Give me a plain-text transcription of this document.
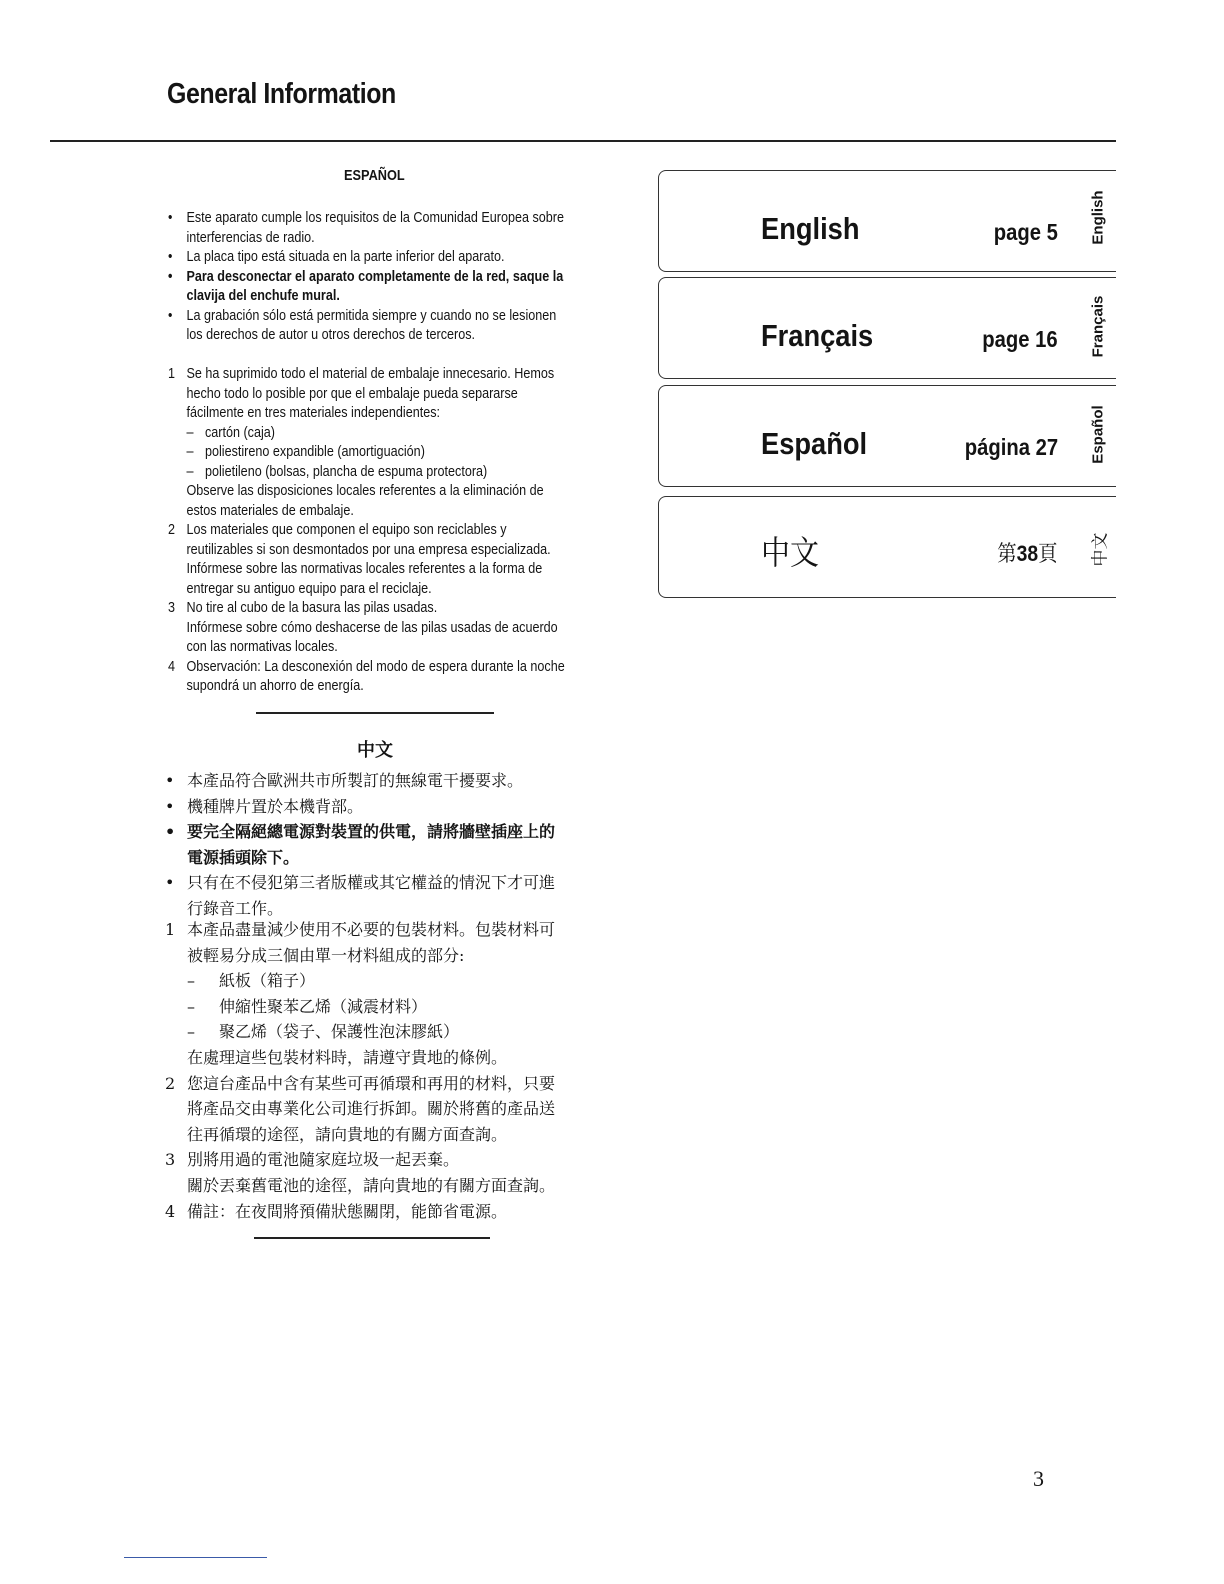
General Information
ESPAÑOL
• Este aparato cumple los requisitos de la Comunidad Europea sobre interferencias de radio.
• La placa tipo está situada en la parte inferior del aparato.
• Para desconectar el aparato completamente de la red, saque la clavija del enchufe mural.
• La grabación sólo está permitida siempre y cuando no se lesionen los derechos de autor u otros derechos de terceros.
1 Se ha suprimido todo el material de embalaje innecesario. Hemos hecho todo lo posible por que el embalaje pueda separarse fácilmente en tres materiales independientes:
– cartón (caja)
– poliestireno expandible (amortiguación)
– polietileno (bolsas, plancha de espuma protectora)
Observe las disposiciones locales referentes a la eliminación de estos materiales de embalaje.
2 Los materiales que componen el equipo son reciclables y reutilizables si son desmontados por una empresa especializada.
Infórmese sobre las normativas locales referentes a la forma de entregar su antiguo equipo para el reciclaje.
3 No tire al cubo de la basura las pilas usadas.
Infórmese sobre cómo deshacerse de las pilas usadas de acuerdo con las normativas locales.
4 Observación: La desconexión del modo de espera durante la noche supondrá un ahorro de energía.
中文
• 本產品符合歐洲共市所製訂的無線電干擾要求。
• 機種牌片置於本機背部。
• 要完全隔絕總電源對裝置的供電，請將牆壁插座上的電源插頭除下。
• 只有在不侵犯第三者版權或其它權益的情況下才可進行錄音工作。
1 本產品盡量減少使用不必要的包裝材料。包裝材料可被輕易分成三個由單一材料組成的部分:
– 紙板（箱子）
– 伸縮性聚苯乙烯（減震材料）
– 聚乙烯（袋子、保護性泡沫膠紙）
在處理這些包裝材料時，請遵守貴地的條例。
2 您這台產品中含有某些可再循環和再用的材料，只要將產品交由專業化公司進行拆卸。關於將舊的產品送往再循環的途徑，請向貴地的有關方面查詢。
3 別將用過的電池隨家庭垃圾一起丟棄。
關於丟棄舊電池的途徑，請向貴地的有關方面查詢。
4 備註：在夜間將預備狀態關閉，能節省電源。
English	page 5 English
Français	page 16 Français
Español	página 27 Español
中文	第38頁 中文
3
